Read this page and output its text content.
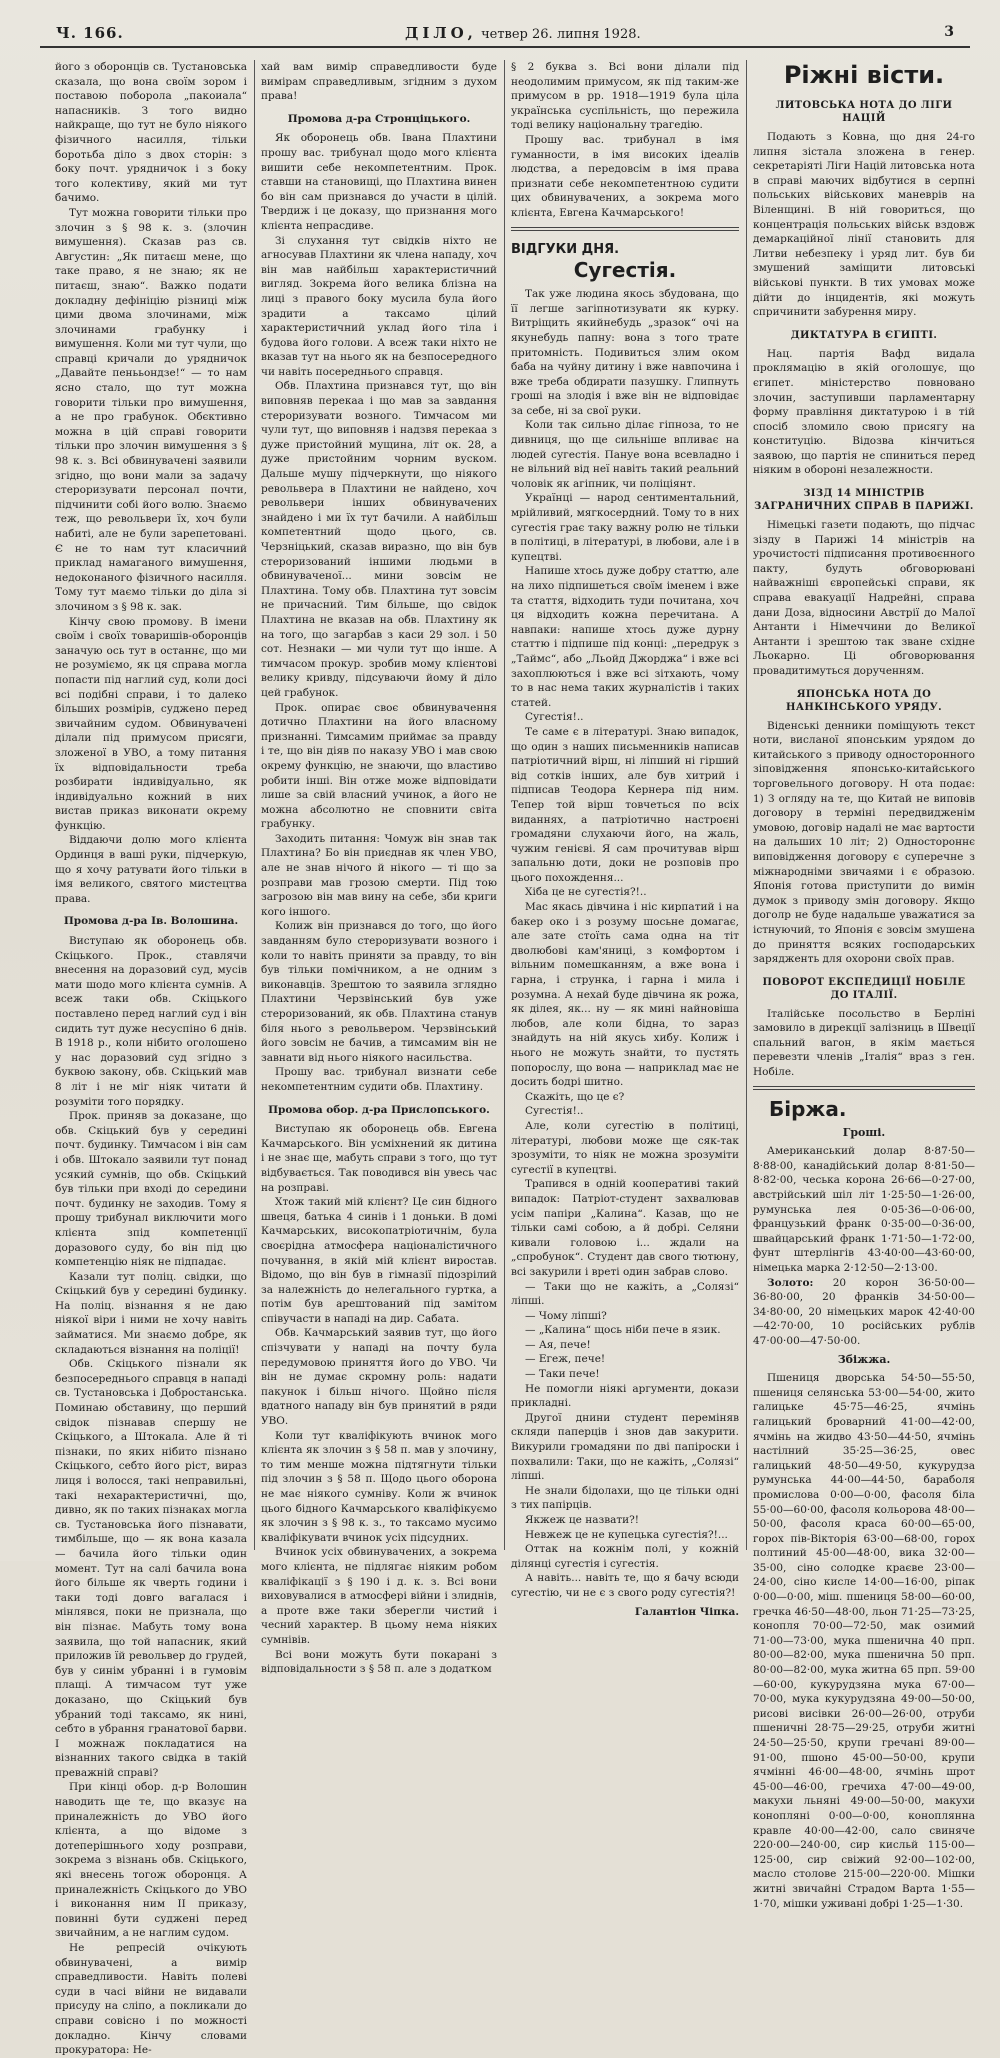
Ч. 166.	ДІЛО, четвер 26. липня 1928.	3

його з оборонців св. Тустановська сказала, що вона своїм зором і поставою поборола „пакоиала“ напасників. З того видно найкраще, що тут не було ніякого фізичного насилля, тільки боротьба діло з двох сторін: з боку почт. урядничок і з боку того колективу, який ми тут бачимо.

Тут можна говорити тільки про злочин з § 98 к. з. (злочин вимушення). Сказав раз св. Августин: „Як питаєш мене, що таке право, я не знаю; як не питаєш, знаю“. Важко подати докладну дефініцію різниці між цими двома злочинами, між злочинами грабунку і вимушення. Коли ми тут чули, що справці кричали до урядничок „Давайтe пенььондзе!“ — то нам ясно стало, що тут можна говорити тільки про вимушення, а не про грабунок. Обєктивно можна в цій справі говорити тільки про злочин вимушення з § 98 к. з. Всі обвинувачені заявили згідно, що вони мали за задачу стероризувати персонал почти, підчинити собі його волю. Знаємо теж, що револьвери їх, хоч були набиті, але не були зарепетовані. Є не то нам тут класичний приклад намаганого вимушення, недоконаного фізичного насилля. Тому тут маємо тільки до діла зі злочином з § 98 к. зак.

Кінчу свою промову. В імени своїм і своїх товаришів-оборонців заначую ось тут в останнє, що ми не розуміємо, як ця справа могла попасти під наглий суд, коли досі всі подібні справи, і то далеко більших розмірів, суджено перед звичайним судом. Обвинувачені ділали під примусом присяги, зложеної в УВО, а тому питання їх відповідальности треба розбирати індивідуально, як індивідуально кожний в них вистав приказ виконати окрему функцію.

Віддаючи долю мого клієнта Ординця в ваші руки, підчеркую, що я хочу ратувати його тільки в імя великого, святого мистецтва права.

Промова д-ра Ів. Волошина.

Виступаю як оборонець обв. Скіцького. Прок., ставлячи внесення на доразовий суд, мусів мати шодо мого клієнта сумнів. А всеж таки обв. Скіцького поставлено перед наглий суд і він сидить тут дуже несуспіно 6 днів. В 1918 р., коли нібито оголошено у нас доразовий суд згідно з буквою закону, обв. Скіцький мав 8 літ і не міг ніяк читати й розуміти того порядку.

Прок. приняв за доказане, що обв. Скіцький був у середині почт. будинку. Тимчасом і він сам і обв. Штокало заявили тут понад усякий сумнів, що обв. Скіцький був тільки при вході до середини почт. будинку не заходив. Тому я прошу трибунал виключити мого клієнта зпід компетенції доразового суду, бо він під цю компетенцію ніяк не підпадає.

Казали тут поліц. свідки, що Скіцький був у середині будинку. На поліц. візнання я не даю ніякої віри і ними не хочу навіть займатися. Ми знаємо добре, як складаються візнання на поліції!

Обв. Скіцького пізнали як безпосереднього справця в нападі св. Тустановська і Добростанська. Поминаю обставину, що перший свідок пізнавав спершу не Скіцького, а Штокала. Але й ті пізнаки, по яких нібито пізнано Скіцького, себто його ріст, вираз лиця і волосся, такі неправильні, такі нехарактеристичні, що, дивно, як по таких пізнаках могла св. Тустановська його пізнавати, тимбільше, що — як вона казала — бачила його тільки один момент. Тут на салі бачила вона його більше як чверть години і таки тоді довго вагалася і мінлявся, поки не признала, що він пізнає. Мабуть тому вона заявила, що той напасник, який приложив їй револьвер до грудей, був у синім убранні і в гумовім плащі. А тимчасом тут уже доказано, що Скіцький був убраний тоді таксамо, як нині, себто в убрання гранатової барви. І можнаж покладатися на візнанних такого свідка в такій преважній справі?

При кінці обор. д-р Волошин наводить ще те, що вказує на приналежність до УВО його клієнта, а що відоме з дотеперішнього ходу розправи, зокрема з візнань обв. Скіцького, які внесень тогож оборонця. А приналежність Скіцького до УВО і виконання ним II приказу, повинні бути суджені перед звичайним, а не наглим судом.

Не репресій очікують обвинувачені, а вимір справедливости. Навіть полеві суди в часі війни не видавали присуду на сліпо, а покликали до справи совісно і по можності докладно. Кінчу словами прокуратора: Не-

хай вам вимір справедливости буде вимірам справедливым, згідним з духом права!

Промова д-ра Стронціцького.

Як оборонець обв. Івана Плахтини прошу вас. трибунал щодо мого клієнта вишити себе некомпетентним. Прок. ставши на становищі, що Плахтина винен бо він сам признався до участи в цілій. Твердиж і це доказу, що признання мого клієнта непрасдиве.

Зі слухання тут свідків ніхто не агносував Плахтини як члена нападу, хоч він мав найбільш характеристичний вигляд. Зокрема його велика блізна на лиці з правого боку мусила була його зрадити а таксамо цілий характеристичний уклад його тіла і будова його голови. А всеж таки ніхто не вказав тут на нього як на безпосередного чи навіть посереднього справця.

Обв. Плахтина признався тут, що він виповняв перекаа і що мав за завдання стероризувати возного. Тимчасом ми чули тут, що виповняв і надзвя перекаа з дуже пристойний мущина, літ ок. 28, а дуже пристойним чорним вуском. Дальше мушу підчеркнути, що ніякого револьвера в Плахтини не найдено, хоч револьвери інших обвинувачених знайдено і ми їх тут бачили. А найбільш компетентний щодо цього, св. Черзніцький, сказав виразно, що він був стероризований іншими людьми в обвинуваченої... мини зовсім не Плахтина. Тому обв. Плахтина тут зовсім не причасний. Тим більше, що свідок Плахтина не вказав на обв. Плахтину як на того, що загарбав з каси 29 зол. і 50 сот. Незнаки — ми чули тут що інше. А тимчасом прокур. зробив мому клієнтові велику кривду, підсуваючи йому й діло цей грабунок.

Прок. опирає своє обвинувачення дотично Плахтини на його власному признанні. Тимсамим приймає за правду і те, що він діяв по наказу УВО і мав свою окрему функцію, не знаючи, що властиво робити інші. Він отже може відповідати лише за свій власний учинок, а його не можна абсолютно не сповнити світа грабунку.

Заходить питання: Чомуж він знав так Плахтина? Бо він приєднав як член УВО, але не знав нічого й нікого — ті що за розправи мав грозою смерти. Під тою загрозою він мав вину на себе, зби криги кого іншого.

Колиж він признався до того, що його завданням було стероризувати возного і коли то навіть приняти за правду, то він був тільки помічником, а не одним з виконавців. Зрештою то заявила зглядно Плахтини Черзвінський був уже стероризований, як обв. Плахтина станув біля нього з револьвером. Черзвінський його зовсім не бачив, а тимсамим він не завнати від нього ніякого насильства.

Прошу вас. трибунал визнати себе некомпетентним судити обв. Плахтину.

Промова обор. д-ра Прислопського.

Виступаю як оборонець обв. Евгена Качмарського. Він усміхнений як дитина і не знає ще, мабуть справи з того, що тут відбувається. Так поводився він увесь час на розправі.

Хтож такий мій клієнт? Це син бідного швеця, батька 4 синів і 1 доньки. В домі Качмарських, високопатріотичнім, була своєрідна атмосфера націоналістичного почування, в якій мій клієнт виростав. Відомо, що він був в гімназії підозрілий за належність до нелегального гуртка, а потім був арештований під замітом співучасти в нападі на дир. Сабата.

Обв. Качмарський заявив тут, що його спізчувати у нападі на почту була передумовою приняття його до УВО. Чи він не думає скромну роль: надати пакунок і більш нічого. Щойно після вдатного нападу він був принятий в ряди УВО.

Коли тут кваліфікують вчинок мого клієнта як злочин з § 58 п. мав у злочину, то тим менше можна підтягнути тільки під злочин з § 58 п. Щодо цього оборона не має ніякого сумніву. Коли ж вчинок цього бідного Качмарського кваліфікуємо як злочин з § 98 к. з., то таксамо мусимо кваліфікувати вчинок усіх підсудних.

Вчинок усіх обвинувачених, а зокрема мого клієнта, не підлягає ніяким робом кваліфікації з § 190 і д. к. з. Всі вони виховувалися в атмосфері війни і злиднів, а проте вже таки зберегли чистий і чесний характер. В цьому нема ніяких сумнівів.

Всі вони можуть бути покарані з відповідальности з § 58 п. але з додатком

§ 2 буква з. Всі вони ділали під неодолимим примусом, як під таким-же примусом в рр. 1918—1919 була ціла українська суспільність, що пережила тоді велику національну трагедію.

Прошу вас. трибунал в імя гуманности, в імя високих ідеалів людства, а передовсім в імя права признати себе некомпетентною судити цих обвинувачених, а зокрема мого клієнта, Евгена Качмарського!

ВІДГУКИ ДНЯ.
Сугестія.

Так уже людина якось збудована, що її легше загіпнотизувати як курку. Витріщить якийнебудь „зразок“ очі на якунебудь папну: вона з того трате притомність. Подивиться злим оком баба на чуйну дитину і вже навпочина і вже треба обдирати пазушку. Глипнуть гроші на злодія і вже він не відповідає за себе, ні за свої руки.

Коли так сильно ділає гіпноза, то не дивниця, що ще сильніше впливає на людей сугестія. Пануе вона всевладно і не вільний від неї навіть такий реальний чоловік як агіпник, чи поліціянт.

Українці — народ сентиментальний, мрійливий, мягкосердний. Тому то в них сугестія грає таку важну ролю не тільки в політиці, в літературі, в любови, але і в купецтві.

Напише хтось дуже добру статтю, але на лихо підпишеться своїм іменем і вже та стаття, відходить туди почитана, хоч ця відходить кожна перечитана. А навпаки: напише хтось дуже дурну статтю і підпише під конці: „передрук з „Таймс“, або „Льойд Джорджа“ і вже всі захоплюються і вже всі зітхають, чому то в нас нема таких журналістів і таких статей.

Сугестія!..

Те саме є в літературі. Знаю випадок, що один з наших письменників написав патріотичний вірш, ні ліпший ні гірший від сотків інших, але був хитрий і підписав Теодора Кернера під ним. Тепер той вірш товчеться по всіх виданнях, а патріотично настроєні громадяни слухаючи його, на жаль, чужим генієві. Я сам прочитував вірш запальню доти, доки не розповів про цього похождення...

Хіба це не сугестія?!..

Мас якась дівчина і ніс кирпатий і на бакер око і з розуму шосьнe домагає, але зате стоїть сама одна на тіт дволюбові кам'яниці, з комфортом і вільним помешканням, а вже вона і гарна, і струнка, і гарна і мила і розумна. А нехай буде дівчина як рожа, як ділея, як... ну — як мині найновіша любов, але коли бідна, то зараз знайдуть на ній якусь хибу. Колиж і нього не можуть знайти, то пустять попорослу, що вона — наприклад має не досить бодрі шитно.

Скажіть, що це є?

Сугестія!..

Але, коли сугестію в політиці, літературі, любови може ще сяк-так зрозуміти, то ніяк не можна зрозуміти сугестії в купецтві.

Трапився в одній кооперативі такий випадок: Патріот-студент захвалював усім папіри „Калина“. Казав, що не тільки самі собою, а й добрі. Селяни кивали головою і... ждали на „спробунок“. Студент дав свого тютюну, всі закурили і вреті один забрав слово.

— Таки що не кажіть, а „Солязі“ ліпші.

— Чому ліпші?

— „Калина“ щось ніби пече в язик.

— Ая, пече!

— Егеж, пече!

— Таки пече!

Не помогли ніякі аргументи, докази прикладні.

Другої днини студент переміняв скляди паперців і знов дав закурити. Викурили громадяни по дві папіроски і похвалили: Таки, що не кажіть, „Солязі“ ліпші.

Не знали бідолахи, що це тільки одні з тих папірців.

Якжеж це назвати?!

Невжеж це не купецька сугестія?!...

Оттак на кожнім полі, у кожній ділянці сугестія і сугестія.

А навіть... навіть те, що я бачу всюди сугестію, чи не є з свого роду сугестія?!

Галантіон Чіпка.
Ріжні вісти.
ЛИТОВСЬКА НОТА ДО ЛІГИ НАЦІЙ

Подають з Ковна, що дня 24-го липня зістала зложена в генер. секретаріяті Ліги Націй литовська нота в справі маючих відбутися в серпні польських військових маневрів на Віленщині. В ній говориться, що концентрація польських військ вздовж демаркаційної лінії становить для Литви небезпеку і уряд лит. був би змушений заміщити литовські військові пункти. В тих умовах може дійти до інцидентів, які можуть спричинити забурення миру.

ДИКТАТУРА В ЄГИПТІ.

Нац. партія Вафд видала проклямацію в якій оголошує, що єгипет. міністерство повновано злочин, заступивши парламентарну форму правління диктатурою і в тій спосіб зломило свою присягу на конституцію. Відозва кінчиться заявою, що партія не спиниться перед ніяким в обороні незалежности.

ЗІЗД 14 МІНІСТРІВ ЗАГРАНИЧНИХ СПРАВ В ПАРИЖІ.

Німецькі газети подають, що підчас зізду в Парижі 14 міністрів на урочистості підписання противоєнного пакту, будуть обговорювані найважніші європейські справи, як справа евакуації Надрейні, справа дани Доза, відносини Австрії до Малої Антанти і Німеччини до Великої Антанти і зрештою так зване східне Льокарно. Ці обговорювання провадитимуться дорученням.

ЯПОНСЬКА НОТА ДО НАНКІНСЬКОГО УРЯДУ.

Віденські денники поміщують текст ноти, висланої японським урядом до китайського з приводу односторонного зіповідження японсько-китайського торговельного договору. Н ота подає: 1) З огляду на те, що Китай не виповів договору в терміні передвидженім умовою, договір надалі не має вартости на дальших 10 літ; 2) Одностороннє виповідження договору є суперечне з міжнародніми звичаями і є образою. Японія готова приступити до вимін думок з приводу змін договору. Якщо доголр не буде надальше уважатися за істнуючий, то Японія є зовсім змушена до приняття всяких господарських зарядженть для охорони своїх прав.

ПОВОРОТ ЕКСПЕДИЦІЇ НОБІЛЕ ДО ІТАЛІЇ.

Італійське посольство в Берліні замовило в дирекції залізниць в Швеції спальний вагон, в якім мається перевезти членів „Італія“ враз з ген. Нобіле.

Біржа.
Гроші.

Американський долар 8·87·50—8·88·00, канадійський долар 8·81·50—8·82·00, чеська корона 26·66—0·27·00, австрійський шіл літ 1·25·50—1·26·00, румунська лея 0·05·36—0·06·00, французький франк 0·35·00—0·36·00, швайцарський франк 1·71·50—1·72·00, фунт штерлінгів 43·40·00—43·60·00, німецька марка 2·12·50—2·13·00.

Золото: 20 корон 36·50·00—36·80·00, 20 франків 34·50·00—34·80·00, 20 німецьких марок 42·40·00—42·70·00, 10 російських рублів 47·00·00—47·50·00.

Збіжжа.

Пшениця дворська 54·50—55·50, пшениця селянська 53·00—54·00, жито галицьке 45·75—46·25, ячмінь галицький броварний 41·00—42·00, ячмінь на жидво 43·50—44·50, ячмінь настілний 35·25—36·25, овес галицький 48·50—49·50, кукурудза румунська 44·00—44·50, бараболя промислова 0·00—0·00, фасоля біла 55·00—60·00, фасоля кольорова 48·00—50·00, фасоля краса 60·00—65·00, горох пів-Вікторія 63·00—68·00, горох полтиний 45·00—48·00, вика 32·00—35·00, сіно солодке краєве 23·00—24·00, сіно кисле 14·00—16·00, ріпак 0·00—0·00, міш. пшениця 58·00—60·00, гречка 46·50—48·00, льон 71·25—73·25, конопля 70·00—72·50, мак озимий 71·00—73·00, мука пшенична 40 прп. 80·00—82·00, мука пшенична 50 прп. 80·00—82·00, мука житна 65 прп. 59·00—60·00, кукурудзяна мука 67·00—70·00, мука кукурудзяна 49·00—50·00, рисові висівки 26·00—26·00, отруби пшеничні 28·75—29·25, отруби житні 24·50—25·50, крупи гречані 89·00—91·00, пшоно 45·00—50·00, крупи ячмінні 46·00—48·00, ячмінь шрот 45·00—46·00, гречиха 47·00—49·00, макухи льняні 49·00—50·00, макухи конопляні 0·00—0·00, коноплянна кравле 40·00—42·00, сало свиняче 220·00—240·00, сир кисльй 115·00—125·00, сир свіжий 92·00—102·00, масло столове 215·00—220·00. Мішки житні звичайні Страдом Варта 1·55—1·70, мішки уживані добрі 1·25—1·30.
